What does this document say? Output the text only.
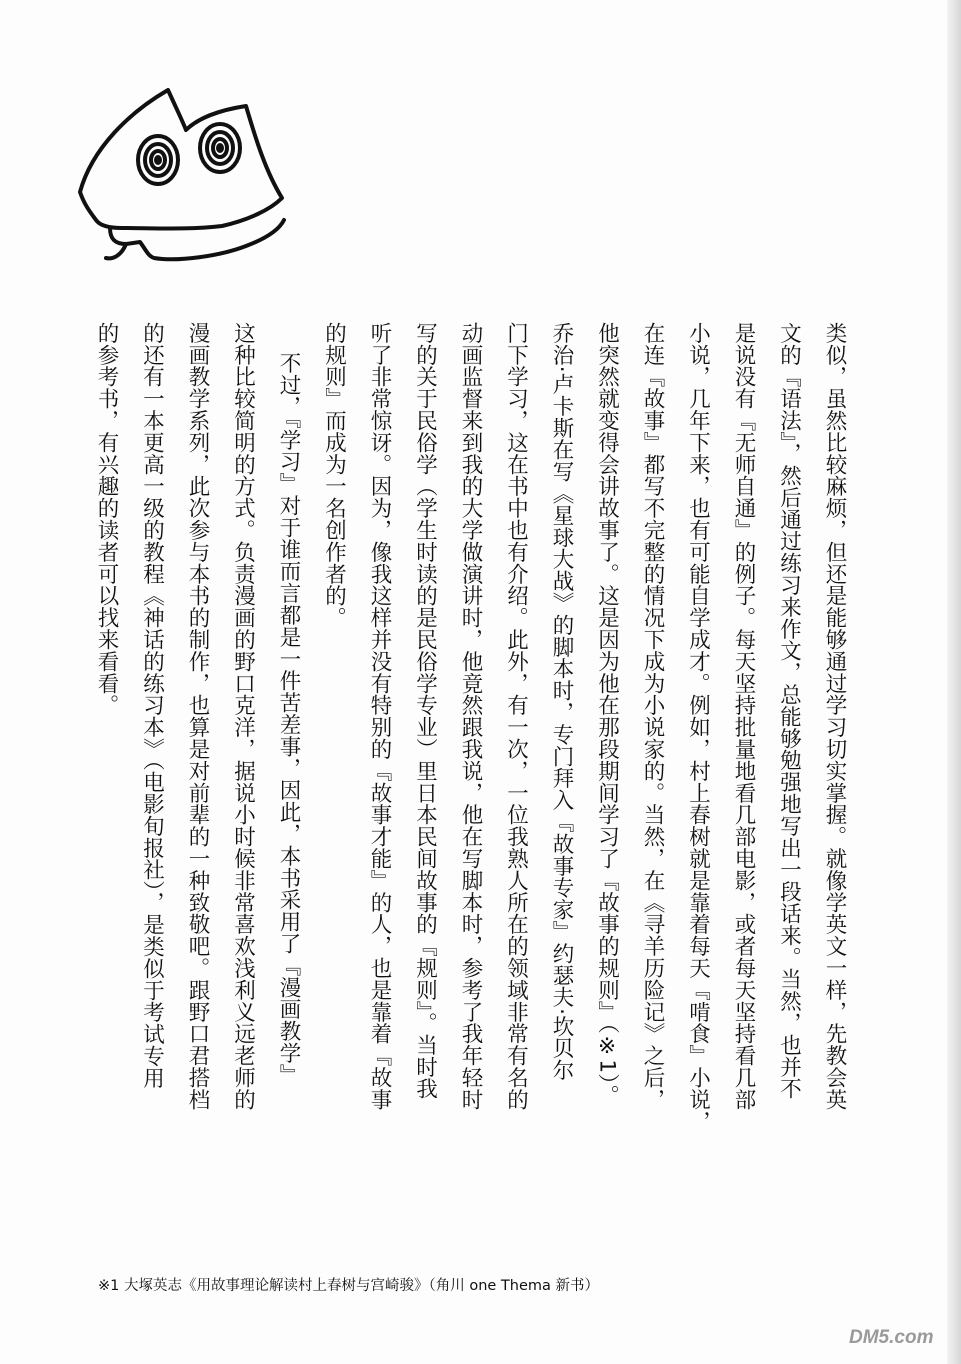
类似，虽然比较麻烦，但还是能够通过学习切实掌握。就像学英文一样，先教会英
文的『语法』，然后通过练习来作文，总能够勉强地写出一段话来。当然，也并不
是说没有『无师自通』的例子。每天坚持批量地看几部电影，或者每天坚持看几部
小说，几年下来，也有可能自学成才。例如，村上春树就是靠着每天『啃食』小说，
在连『故事』都写不完整的情况下成为小说家的。当然，在《寻羊历险记》之后，
他突然就变得会讲故事了。这是因为他在那段期间学习了『故事的规则』（※1）。
乔治·卢卡斯在写《星球大战》的脚本时，专门拜入『故事专家』约瑟夫·坎贝尔
门下学习，这在书中也有介绍。此外，有一次，一位我熟人所在的领域非常有名的
动画监督来到我的大学做演讲时，他竟然跟我说，他在写脚本时，参考了我年轻时
写的关于民俗学（学生时读的是民俗学专业）里日本民间故事的『规则』。当时我
听了非常惊讶。因为，像我这样并没有特别的『故事才能』的人，也是靠着『故事
的规则』而成为一名创作者的。
不过，『学习』对于谁而言都是一件苦差事，因此，本书采用了『漫画教学』
这种比较简明的方式。负责漫画的野口克洋，据说小时候非常喜欢浅利义远老师的
漫画教学系列，此次参与本书的制作，也算是对前辈的一种致敬吧。跟野口君搭档
的还有一本更高一级的教程《神话的练习本》（电影旬报社），是类似于考试专用
的参考书，有兴趣的读者可以找来看看。
※1 大塚英志《用故事理论解读村上春树与宫崎骏》（角川 one Thema 新书）
DM5.com
